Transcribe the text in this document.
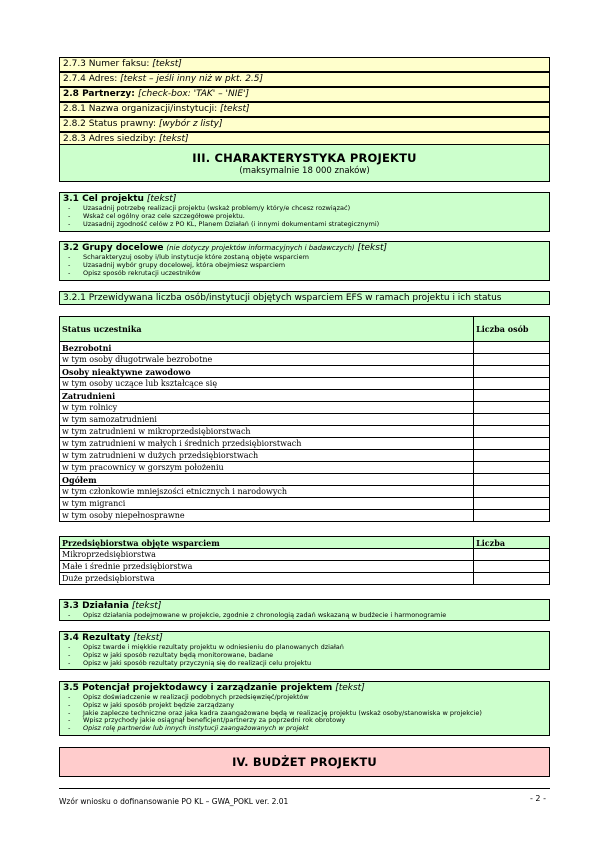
2.7.3 Numer faksu: [tekst]
2.7.4 Adres: [tekst – jeśli inny niż w pkt. 2.5]
2.8 Partnerzy: [check-box: 'TAK' – 'NIE']
2.8.1 Nazwa organizacji/instytucji: [tekst]
2.8.2 Status prawny: [wybór z listy]
2.8.3 Adres siedziby: [tekst]
III. CHARAKTERYSTYKA PROJEKTU
(maksymalnie 18 000 znaków)
3.1 Cel projektu [tekst]
- Uzasadnij potrzebę realizacji projektu (wskaż problem/y który/e chcesz rozwiązać)
- Wskaż cel ogólny oraz cele szczegółowe projektu.
- Uzasadnij zgodność celów z PO KL, Planem Działań (i innymi dokumentami strategicznymi)
3.2 Grupy docelowe (nie dotyczy projektów informacyjnych i badawczych) [tekst]
- Scharakteryzuj osoby i/lub instytucje które zostaną objęte wsparciem
- Uzasadnij wybór grupy docelowej, która obejmiesz wsparciem
- Opisz sposób rekrutacji uczestników
3.2.1 Przewidywana liczba osób/instytucji objętych wsparciem EFS w ramach projektu i ich status
Status uczestnika	Liczba osób
Bezrobotni	
w tym osoby długotrwale bezrobotne	
Osoby nieaktywne zawodowo	
w tym osoby uczące lub kształcące się	
Zatrudnieni	
w tym rolnicy	
w tym samozatrudnieni	
w tym zatrudnieni w mikroprzedsiębiorstwach	
w tym zatrudnieni w małych i średnich przedsiębiorstwach	
w tym zatrudnieni w dużych przedsiębiorstwach	
w tym pracownicy w gorszym położeniu	
Ogółem	
w tym członkowie mniejszości etnicznych i narodowych	
w tym migranci	
w tym osoby niepełnosprawne	
Przedsiębiorstwa objęte wsparciem	Liczba
Mikroprzedsiębiorstwa	
Małe i średnie przedsiębiorstwa	
Duże przedsiębiorstwa	
3.3 Działania [tekst]
- Opisz działania podejmowane w projekcie, zgodnie z chronologią zadań wskazaną w budżecie i harmonogramie
3.4 Rezultaty [tekst]
- Opisz twarde i miękkie rezultaty projektu w odniesieniu do planowanych działań
- Opisz w jaki sposób rezultaty będą monitorowane, badane
- Opisz w jaki sposób rezultaty przyczynią się do realizacji celu projektu
3.5 Potencjał projektodawcy i zarządzanie projektem [tekst]
- Opisz doświadczenie w realizacji podobnych przedsięwzięć/projektów
- Opisz w jaki sposób projekt będzie zarządzany
- Jakie zaplecze techniczne oraz jaka kadra zaangażowane będą w realizację projektu (wskaż osoby/stanowiska w projekcie)
- Wpisz przychody jakie osiągnął beneficjent/partnerzy za poprzedni rok obrotowy
- Opisz rolę partnerów lub innych instytucji zaangażowanych w projekt
IV. BUDŻET PROJEKTU
Wzór wniosku o dofinansowanie PO KL – GWA_POKL ver. 2.01	- 2 -
